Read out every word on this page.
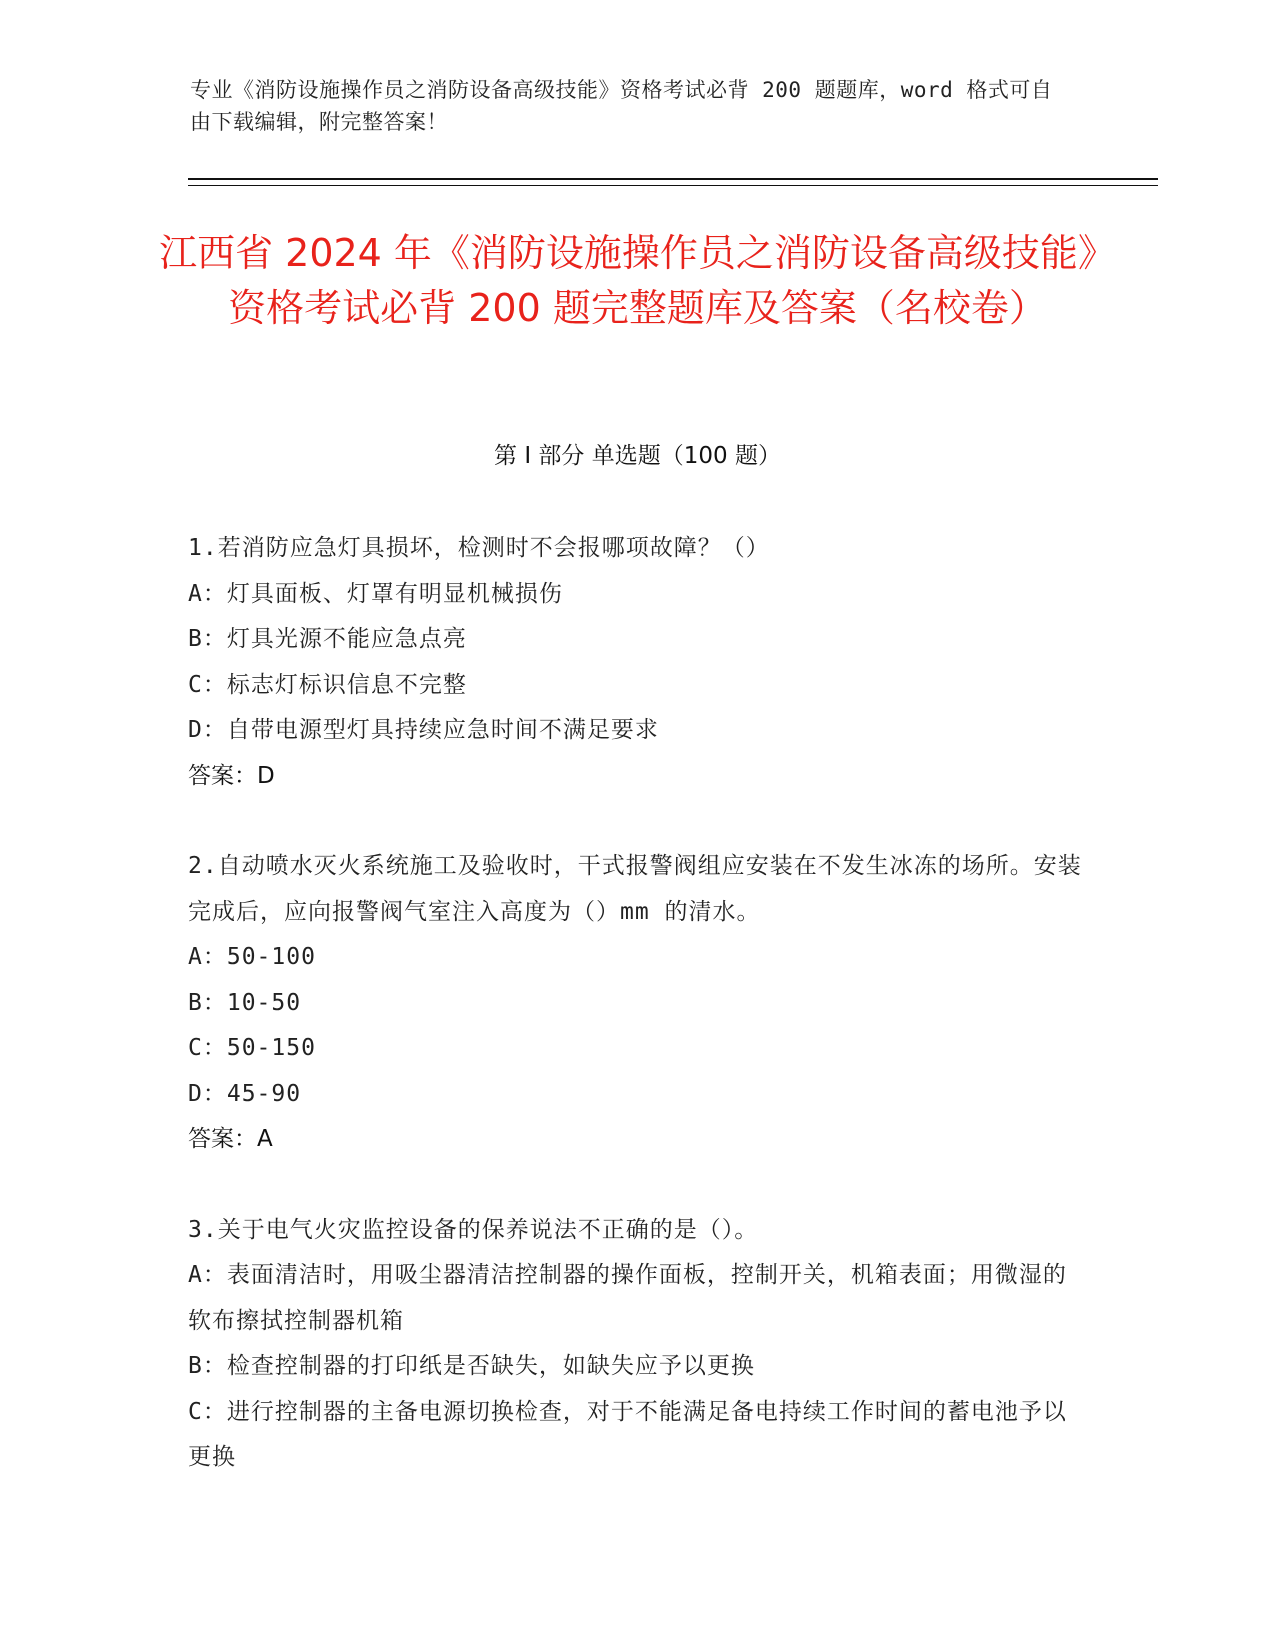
专业《消防设施操作员之消防设备高级技能》资格考试必背 200 题题库，word 格式可自由下载编辑，附完整答案！
江西省 2024 年《消防设施操作员之消防设备高级技能》资格考试必背 200 题完整题库及答案（名校卷）
第 I 部分 单选题（100 题）
1.若消防应急灯具损坏，检测时不会报哪项故障？（）
A：灯具面板、灯罩有明显机械损伤
B：灯具光源不能应急点亮
C：标志灯标识信息不完整
D：自带电源型灯具持续应急时间不满足要求
答案：D
2.自动喷水灭火系统施工及验收时，干式报警阀组应安装在不发生冰冻的场所。安装完成后，应向报警阀气室注入高度为（）mm 的清水。
A：50-100
B：10-50
C：50-150
D：45-90
答案：A
3.关于电气火灾监控设备的保养说法不正确的是（）。
A：表面清洁时，用吸尘器清洁控制器的操作面板，控制开关，机箱表面；用微湿的软布擦拭控制器机箱
B：检查控制器的打印纸是否缺失，如缺失应予以更换
C：进行控制器的主备电源切换检查，对于不能满足备电持续工作时间的蓄电池予以更换
